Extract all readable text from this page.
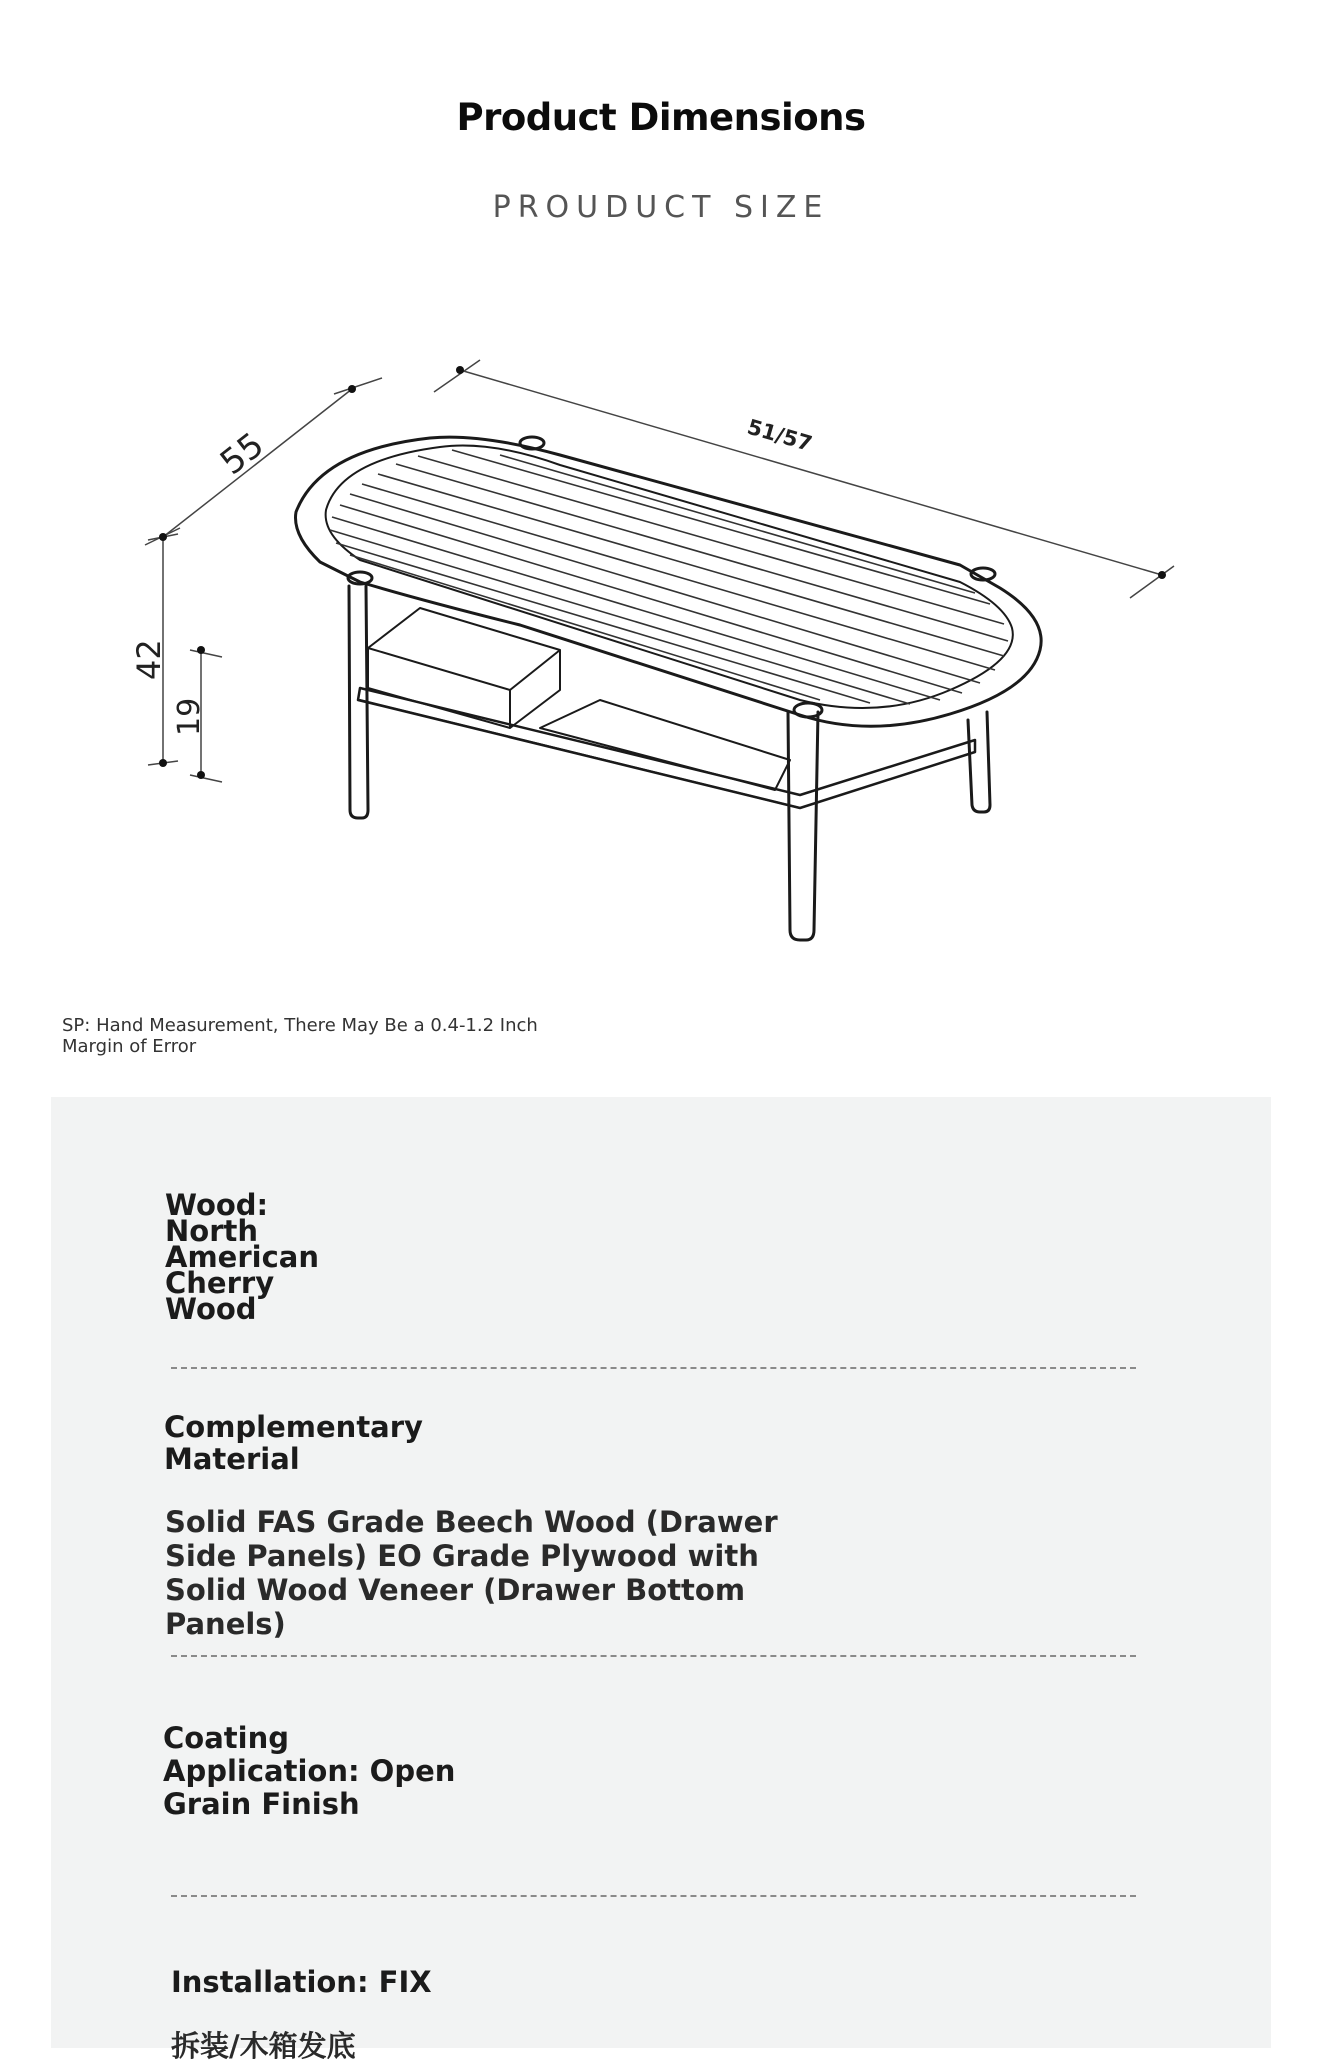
Product Dimensions
PROUDUCT SIZE
55	51/57
42
19
SP: Hand Measurement, There May Be a 0.4-1.2 Inch Margin of Error
Wood: North American Cherry Wood
Complementary Material
Solid FAS Grade Beech Wood (Drawer Side Panels) EO Grade Plywood with Solid Wood Veneer (Drawer Bottom Panels)
Coating Application: Open Grain Finish
Installation: FIX
拆装/木箱发底
